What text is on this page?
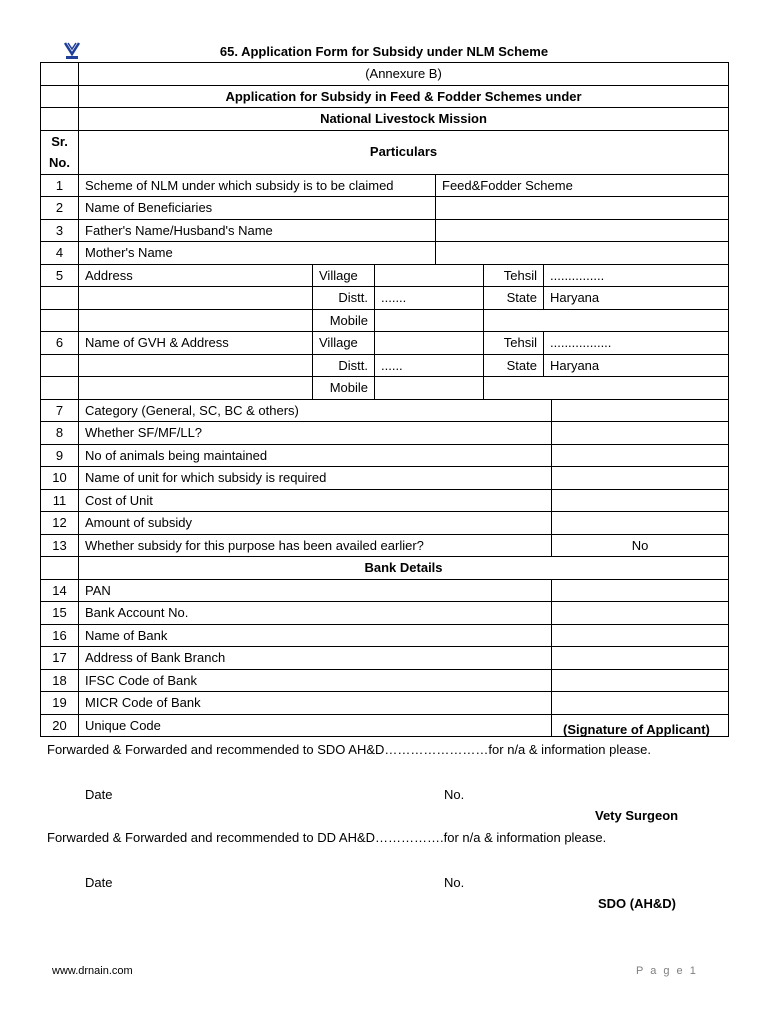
65. Application Form for Subsidy under NLM Scheme
	(Annexure B)						
	Application for Subsidy in Feed & Fodder Schemes under						
	National Livestock Mission						
Sr. No.	Particulars						
1	Scheme of NLM under which subsidy is to be claimed			Feed&Fodder Scheme			
2	Name of Beneficiaries						
3	Father's Name/Husband's Name						
4	Mother's Name						
5	Address	Village			Tehsil	...............	
		Distt.	.......		State	Haryana	
		Mobile					
6	Name of GVH & Address	Village			Tehsil	.................	
		Distt.	......		State	Haryana	
		Mobile					
7	Category (General, SC, BC & others)						
8	Whether SF/MF/LL?						
9	No of animals being maintained						
10	Name of unit for which subsidy is required						
11	Cost of Unit						
12	Amount of subsidy						
13	Whether subsidy for this purpose has been availed earlier?						No
	Bank Details						
14	PAN						
15	Bank Account No.						
16	Name of Bank						
17	Address of Bank Branch						
18	IFSC Code of Bank						
19	MICR Code of Bank						
20	Unique Code							(Signature of Applicant)
Forwarded & Forwarded and recommended to SDO AH&D……………………for n/a & information please.
Date	No.
Vety Surgeon
Forwarded & Forwarded and recommended to DD AH&D…………….for n/a & information please.
Date	No.
SDO (AH&D)
www.drnain.com	P a g e 1
